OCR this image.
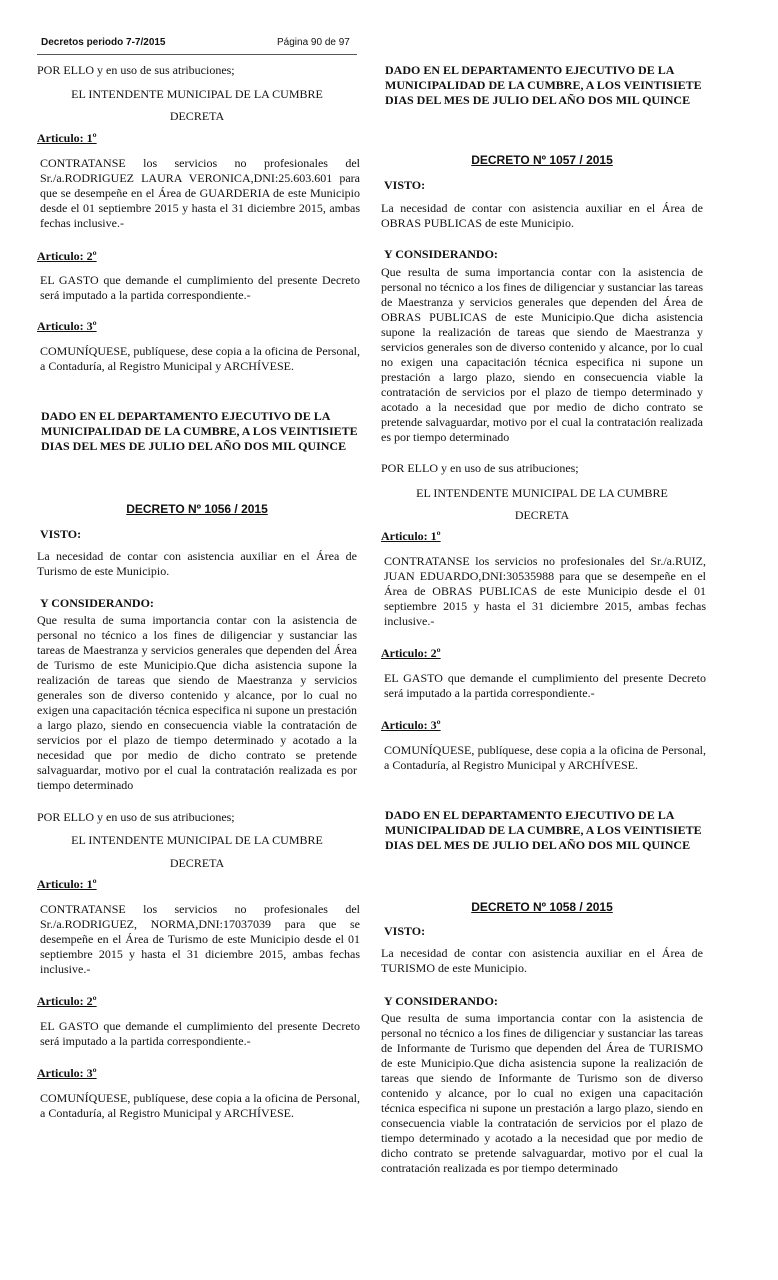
Decretos periodo 7-7/2015	Página 90 de 97
POR ELLO y en uso de sus atribuciones;
EL INTENDENTE MUNICIPAL DE LA CUMBRE
DECRETA
Articulo: 1º
CONTRATANSE los servicios no profesionales del Sr./a.RODRIGUEZ LAURA VERONICA,DNI:25.603.601 para que se desempeñe en el Área de GUARDERIA de este Municipio desde el 01 septiembre 2015 y hasta el 31 diciembre 2015, ambas fechas inclusive.-
Articulo: 2º
EL GASTO que demande el cumplimiento del presente Decreto será imputado a la partida correspondiente.-
Articulo: 3º
COMUNÍQUESE, publíquese, dese copia a la oficina de Personal, a Contaduría, al Registro Municipal y ARCHÍVESE.
DADO EN EL DEPARTAMENTO EJECUTIVO DE LA MUNICIPALIDAD DE LA CUMBRE, A LOS VEINTISIETE DIAS DEL MES DE JULIO DEL AÑO DOS MIL QUINCE
DECRETO Nº 1056 / 2015
VISTO:
La necesidad de contar con asistencia auxiliar en el Área de Turismo de este Municipio.
Y CONSIDERANDO:
Que resulta de suma importancia contar con la asistencia de personal no técnico a los fines de diligenciar y sustanciar las tareas de Maestranza y servicios generales que dependen del Área de Turismo de este Municipio.Que dicha asistencia supone la realización de tareas que siendo de Maestranza y servicios generales son de diverso contenido y alcance, por lo cual no exigen una capacitación técnica especifica ni supone un prestación a largo plazo, siendo en consecuencia viable la contratación de servicios por el plazo de tiempo determinado y acotado a la necesidad que por medio de dicho contrato se pretende salvaguardar, motivo por el cual la contratación realizada es por tiempo determinado
POR ELLO y en uso de sus atribuciones;
EL INTENDENTE MUNICIPAL DE LA CUMBRE
DECRETA
Articulo: 1º
CONTRATANSE los servicios no profesionales del Sr./a.RODRIGUEZ, NORMA,DNI:17037039 para que se desempeñe en el Área de Turismo de este Municipio desde el 01 septiembre 2015 y hasta el 31 diciembre 2015, ambas fechas inclusive.-
Articulo: 2º
EL GASTO que demande el cumplimiento del presente Decreto será imputado a la partida correspondiente.-
Articulo: 3º
COMUNÍQUESE, publíquese, dese copia a la oficina de Personal, a Contaduría, al Registro Municipal y ARCHÍVESE.
DADO EN EL DEPARTAMENTO EJECUTIVO DE LA MUNICIPALIDAD DE LA CUMBRE, A LOS VEINTISIETE DIAS DEL MES DE JULIO DEL AÑO DOS MIL QUINCE
DECRETO Nº 1057 / 2015
VISTO:
La necesidad de contar con asistencia auxiliar en el Área de OBRAS PUBLICAS de este Municipio.
Y CONSIDERANDO:
Que resulta de suma importancia contar con la asistencia de personal no técnico a los fines de diligenciar y sustanciar las tareas de Maestranza y servicios generales que dependen del Área de OBRAS PUBLICAS de este Municipio.Que dicha asistencia supone la realización de tareas que siendo de Maestranza y servicios generales son de diverso contenido y alcance, por lo cual no exigen una capacitación técnica especifica ni supone un prestación a largo plazo, siendo en consecuencia viable la contratación de servicios por el plazo de tiempo determinado y acotado a la necesidad que por medio de dicho contrato se pretende salvaguardar, motivo por el cual la contratación realizada es por tiempo determinado
POR ELLO y en uso de sus atribuciones;
EL INTENDENTE MUNICIPAL DE LA CUMBRE
DECRETA
Articulo: 1º
CONTRATANSE los servicios no profesionales del Sr./a.RUIZ, JUAN EDUARDO,DNI:30535988 para que se desempeñe en el Área de OBRAS PUBLICAS de este Municipio desde el 01 septiembre 2015 y hasta el 31 diciembre 2015, ambas fechas inclusive.-
Articulo: 2º
EL GASTO que demande el cumplimiento del presente Decreto será imputado a la partida correspondiente.-
Articulo: 3º
COMUNÍQUESE, publíquese, dese copia a la oficina de Personal, a Contaduría, al Registro Municipal y ARCHÍVESE.
DADO EN EL DEPARTAMENTO EJECUTIVO DE LA MUNICIPALIDAD DE LA CUMBRE, A LOS VEINTISIETE DIAS DEL MES DE JULIO DEL AÑO DOS MIL QUINCE
DECRETO Nº 1058 / 2015
VISTO:
La necesidad de contar con asistencia auxiliar en el Área de TURISMO de este Municipio.
Y CONSIDERANDO:
Que resulta de suma importancia contar con la asistencia de personal no técnico a los fines de diligenciar y sustanciar las tareas de Informante de Turismo que dependen del Área de TURISMO de este Municipio.Que dicha asistencia supone la realización de tareas que siendo de Informante de Turismo son de diverso contenido y alcance, por lo cual no exigen una capacitación técnica especifica ni supone un prestación a largo plazo, siendo en consecuencia viable la contratación de servicios por el plazo de tiempo determinado y acotado a la necesidad que por medio de dicho contrato se pretende salvaguardar, motivo por el cual la contratación realizada es por tiempo determinado
